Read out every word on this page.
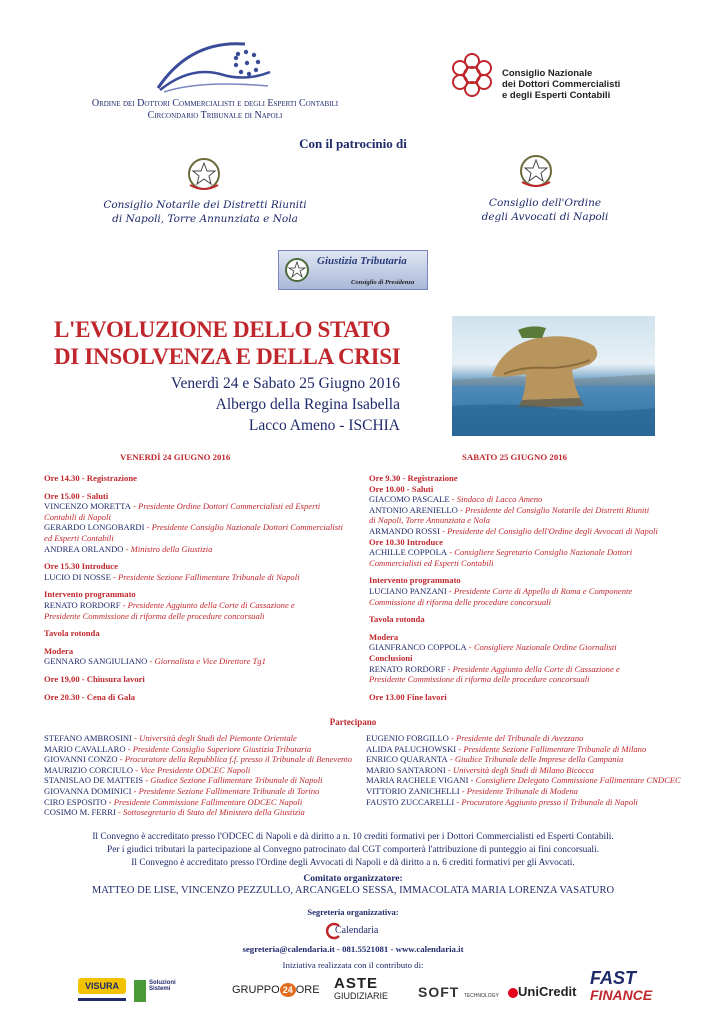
Ordine dei Dottori Commercialisti e degli Esperti Contabili
Circondario Tribunale di Napoli
Consiglio Nazionale
dei Dottori Commercialisti
e degli Esperti Contabili
Con il patrocinio di
Consiglio Notarile dei Distretti Riuniti
di Napoli, Torre Annunziata e Nola
Consiglio dell'Ordine
degli Avvocati di Napoli
Giustizia Tributaria
Consiglio di Presidenza
L'EVOLUZIONE DELLO STATO
DI INSOLVENZA E DELLA CRISI
Venerdì 24 e Sabato 25 Giugno 2016
Albergo della Regina Isabella
Lacco Ameno - ISCHIA
VENERDÌ 24 GIUGNO 2016
Ore 14.30 - Registrazione
Ore 15.00 - Saluti
VINCENZO MORETTA - Presidente Ordine Dottori Commercialisti ed Esperti
Contabili di Napoli
GERARDO LONGOBARDI - Presidente Consiglio Nazionale Dottori Commercialisti
ed Esperti Contabili
ANDREA ORLANDO - Ministro della Giustizia
Ore 15.30 Introduce
LUCIO DI NOSSE - Presidente Sezione Fallimentare Tribunale di Napoli
Intervento programmato
RENATO RORDORF - Presidente Aggiunto della Corte di Cassazione e
Presidente Commissione di riforma delle procedure concorsuali
Tavola rotonda
Modera
GENNARO SANGIULIANO - Giornalista e Vice Direttore Tg1
Ore 19,00 - Chiusura lavori
Ore 20.30 - Cena di Gala
SABATO 25 GIUGNO 2016
Ore 9.30 - Registrazione
Ore 10.00 - Saluti
GIACOMO PASCALE - Sindaco di Lacco Ameno
ANTONIO ARENIELLO - Presidente del Consiglio Notarile dei Distretti Riuniti
di Napoli, Torre Annunziata e Nola
ARMANDO ROSSI - Presidente del Consiglio dell'Ordine degli Avvocati di Napoli
Ore 10.30 Introduce
ACHILLE COPPOLA - Consigliere Segretario Consiglio Nazionale Dottori
Commercialisti ed Esperti Contabili
Intervento programmato
LUCIANO PANZANI - Presidente Corte di Appello di Roma e Componente
Commissione di riforma delle procedure concorsuali
Tavola rotonda
Modera
GIANFRANCO COPPOLA - Consigliere Nazionale Ordine Giornalisti
Conclusioni
RENATO RORDORF - Presidente Aggiunto della Corte di Cassazione e
Presidente Commissione di riforma delle procedure concorsuali
Ore 13.00 Fine lavori
Partecipano
STEFANO AMBROSINI - Università degli Studi del Piemonte Orientale
MARIO CAVALLARO - Presidente Consiglio Superiore Giustizia Tributaria
GIOVANNI CONZO - Procuratore della Repubblica f.f. presso il Tribunale di Benevento
MAURIZIO CORCIULO - Vice Presidente ODCEC Napoli
STANISLAO DE MATTEIS - Giudice Sezione Fallimentare Tribunale di Napoli
GIOVANNA DOMINICI - Presidente Sezione Fallimentare Tribunale di Torino
CIRO ESPOSITO - Presidente Commissione Fallimentare ODCEC Napoli
COSIMO M. FERRI - Sottosegretario di Stato del Ministero della Giustizia
EUGENIO FORGILLO - Presidente del Tribunale di Avezzano
ALIDA PALUCHOWSKI - Presidente Sezione Fallimentare Tribunale di Milano
ENRICO QUARANTA - Giudice Tribunale delle Imprese della Campania
MARIO SANTARONI - Università degli Studi di Milano Bicocca
MARIA RACHELE VIGANI - Consigliere Delegato Commissione Fallimentare CNDCEC
VITTORIO ZANICHELLI - Presidente Tribunale di Modena
FAUSTO ZUCCARELLI - Procuratore Aggiunto presso il Tribunale di Napoli
Il Convegno è accreditato presso l'ODCEC di Napoli e dà diritto a n. 10 crediti formativi per i Dottori Commercialisti ed Esperti Contabili.
Per i giudici tributari la partecipazione al Convegno patrocinato dal CGT comporterà l'attribuzione di punteggio ai fini concorsuali.
Il Convegno è accreditato presso l'Ordine degli Avvocati di Napoli e dà diritto a n. 6 crediti formativi per gli Avvocati.
Comitato organizzatore:
MATTEO DE LISE, VINCENZO PEZZULLO, ARCANGELO SESSA, IMMACOLATA MARIA LORENZA VASATURO
Segreteria organizzativa:
Calendaria
segreteria@calendaria.it - 081.5521081 - www.calendaria.it
Iniziativa realizzata con il contributo di:
VISURA	Soluzioni Sistemi	GRUPPO 24 ORE ASTE
GIUDIZIARIE SOFT TECHNOLOGY	UniCredit
FAST
FINANCE
